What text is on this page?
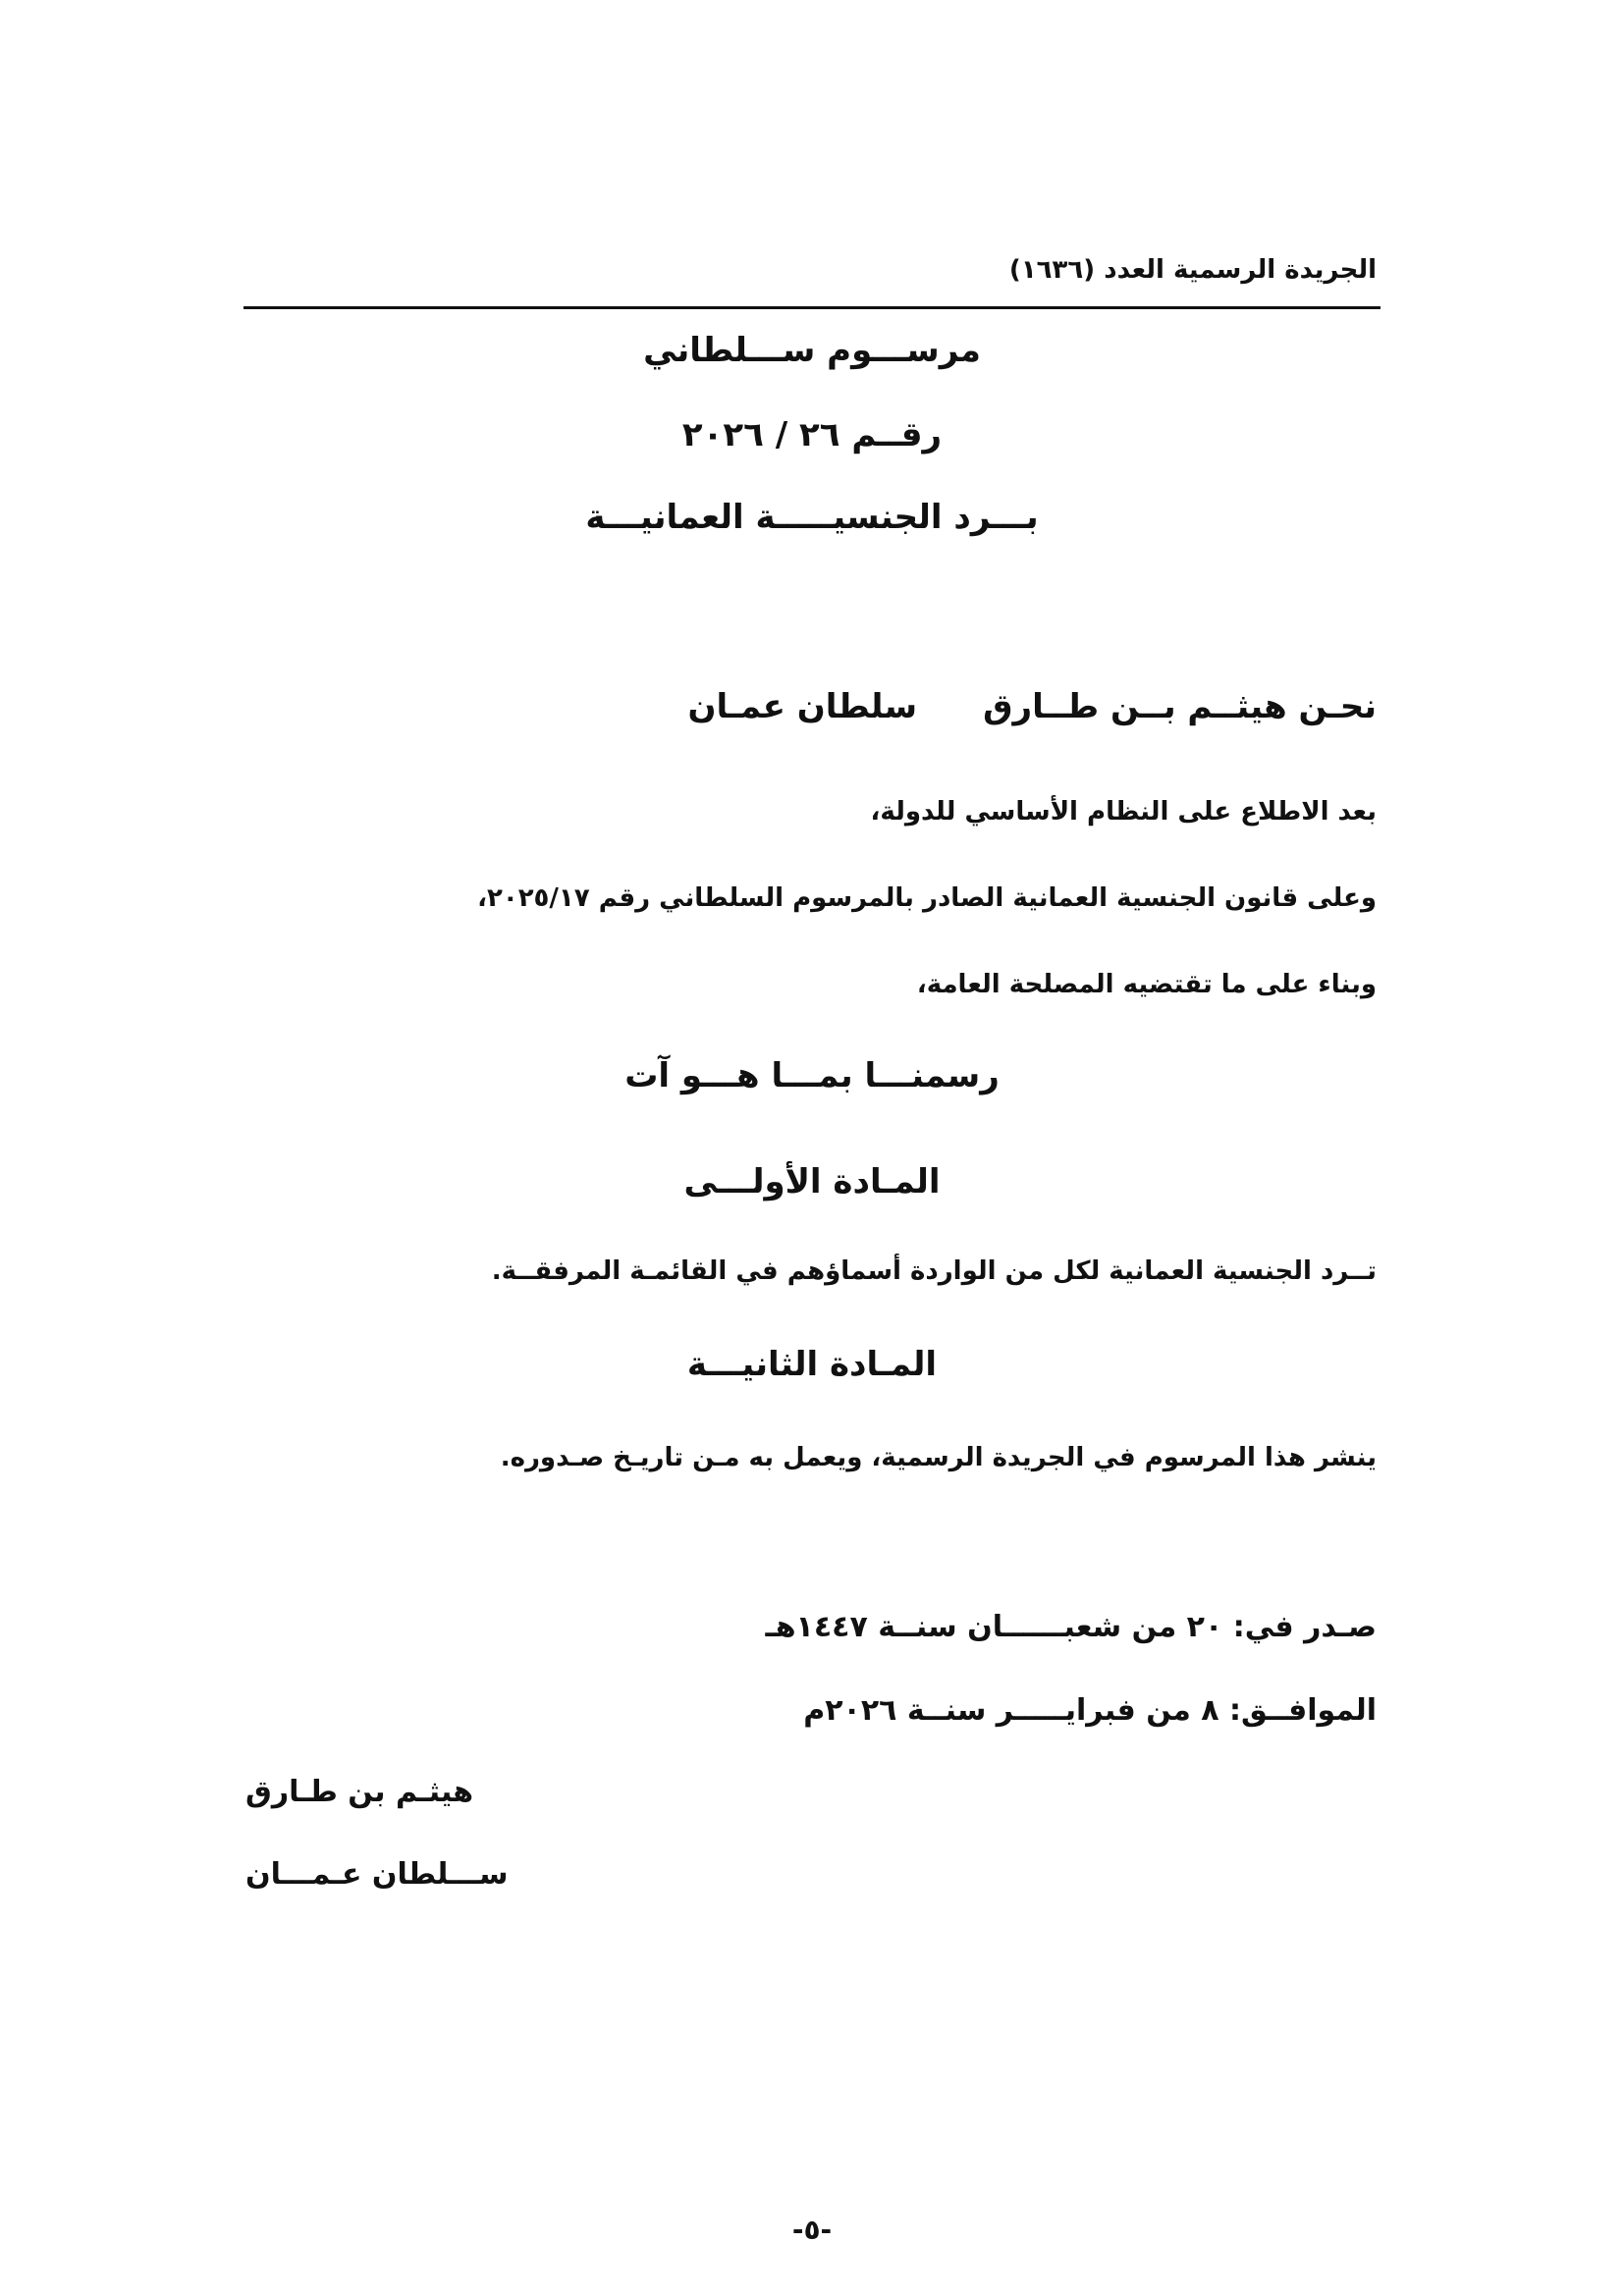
الجريدة الرسمية العدد (١٦٣٦)
مرســـوم ســـلطاني
رقــم ٢٦ / ٢٠٢٦
بـــرد الجنسيـــــة العمانيـــة
نحـن هيثــم بــن طــارق
سلطان عمـان
بعد الاطلاع على النظام الأساسي للدولة،
وعلى قانون الجنسية العمانية الصادر بالمرسوم السلطاني رقم ٢٠٢٥/١٧،
وبناء على ما تقتضيه المصلحة العامة،
رسمنـــا بمـــا هـــو آت
المـادة الأولـــى
تــرد الجنسية العمانية لكل من الواردة أسماؤهم في القائمـة المرفقــة.
المـادة الثانيـــة
ينشر هذا المرسوم في الجريدة الرسمية، ويعمل به مـن تاريـخ صـدوره.
صـدر في: ٢٠ من شعبــــــان سنــة ١٤٤٧هـ
الموافــق: ٨ من فبرايـــــر سنــة ٢٠٢٦م
هيثـم بن طـارق
ســـلطان عـمـــان
-٥-
